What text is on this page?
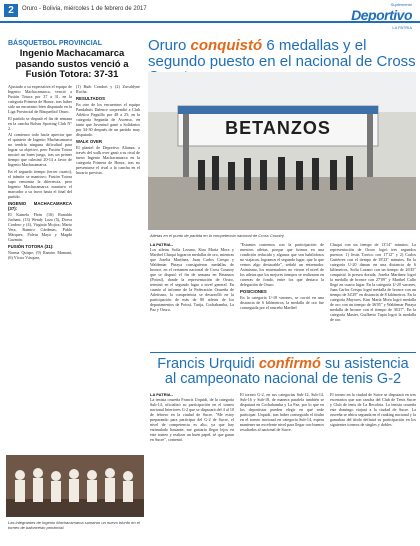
2	Oruro - Bolivia, miércoles 1 de febrero de 2017
Suplemento
Deportivo
LA PATRIA
BÁSQUETBOL PROVINCIAL
Ingenio Machacamarca pasando sustos venció a Fusión Totora: 37-31

Ajustado a su expectativa el equipo de Ingenio Machacamarca, venció a Fusión Totora por 37 a 31, en la categoría Primera de Honor, tras haber sido un encuentro bien disputado en la Liga Provincial de Básquetbol Oruro.

El partido se disputó el fin de semana en la cancha Bolsas Sporting Club N° 2.

Al comienzo todo hacía apreciar que el quinteto de Ingenio Machacamarca no tendría ninguna dificultad para lograr su objetivo, pero Fusión Totora mostró un buen juego, tras un primer tiempo que culminó 20-14 a favor de Ingenio Machacamarca.

En el segundo tiempo (tercer cuarto), el trámite se mantuvo; Fusión Totora supo remontar la diferencia, pero Ingenio Machacamarca mantuvo el marcador a su favor hasta el final del partido.

INGENIO MACHACAMARCA (37):

El Kamela Flein (16) Ronaldo Juchani, (13) Wendy Loza (5), Dorva Cordero y (4), Virginia Mojica; Mario Vera, Ramiro Cárdenas, Pablo Márquez, Poleta Maya y Magda Guzmán.

FUSIÓN TOTORA (31):

Norma Quispe, (9) Ramiro Mamani, (6) Víctor Vásquez,

(1) Ruth Condori y (2) Zuvaldyne Rocha.

RESULTADOS

En otro de los encuentros el equipo Pandahuis Dalence sorprendió a Club Atlético Paguillo por 48 a 25; en la categoría Segunda de Ascenso, en tanto que Juventud ganó a Solidarios por 34-30 después de un partido muy disputado.

WALK OVER

El plantel de Deportivo Alianza, a través del walk over ganó a su rival de turno Ingenio Machacamarca en la categoría Primera de Honor, tras no presentarse el rival a la cancha en el horario previsto.

Las integrantes de Ingenio Machacamarca sumaron un nuevo triunfo en el torneo de baloncesto provincial.
Oruro conquistó 6 medallas y el segundo puesto en el nacional de Cross
BETANZOS
Atletas en el punto de partida en la competencia nacional de Cross Country
LA PATRIA.-

Los atletas Sofía Lezano, Kim María Mora y Maribel Chaqui lograron medallas de oro, mientras que Joselia Martínez, Juan Carlos Crespo y Waldemar Pinaya consiguieron medallas de bronce, en el certamen nacional de Cross Country que se disputó el fin de semana en Betanzos (Potosí), donde la representación de Oruro, terminó en el segundo lugar a nivel general. En cuanto al informe de la Federación Orureña de Atletismo, la competencia se desarrolló en la participación de más de 80 atletas de los departamentos de Potosí, Tarija, Cochabamba, La Paz y Oruro.

"Estamos contentos con la participación de nuestros atletas, porque que fuimos en una condición reducida y algunos que son habilidosos no viajaron, logramos el segundo lugar, que lo que vemos algo destacable", señaló un entrenador. Asimismo, los entrenadores no vieron el nivel de los atletas que los mejores tiempos se realizaron en carreras de fondo, entre los que destaca la delegación de Oruro.

POSICIONES

En la categoría U-18 varones, se corrió en una distancia de 6 kilómetros, la medalla de oro fue conseguida por el orureño Maribel

Chaqui con un tiempo de 13'14" minutos. La representación de Oruro logró tres segundos puestos: 1) Jesús Torrico con 17'12" y 2) Carlos Gutiérrez con el tiempo de 18'23" minutos. En la categoría U-20 damas en una distancia de 6 kilómetros, Sofía Lozano con un tiempo de 26'45" conquistó la presea dorada, Joselia Martínez logró la medalla de bronce con 27'09" y Maribel Callo llegó en cuarto lugar. En la categoría U-20 varones, Juan Carlos Crespo logró medalla de bronce con un tiempo de 34'29" en distancia de 8 kilómetros. En la categoría Mayores, Kim María Mora logró medalla de oro con un tiempo de 36'05" y Waldemar Pinaya medalla de bronce con el tiempo de 36'27". En la categoría Master, Guilberto Tapia logró la medalla de oro.

Francis Urquidi confirmó su asistencia al campeonato nacional de tenis G-2
LA PATRIA.-

La tenista orureña Francis Urquidi, de la categoría Sub-14, oficializó su participación en el torneo nacional Interiores G-2 que se disputará del 4 al 10 de febrero en la ciudad de Sucre. "Me estoy preparando para participar del G-2 de Sucre, el nivel de competencia es alto, ya que hay estimulado bastante, me gustaría llegar lejos en este torneo y realizar un buen papel, sé que ganar en Sucre", comentó.

El torneo G-2, en sus categorías Sub-12, Sub-14, Sub-16 y Sub-18, de manera paralela también se disputará en Cochabamba y La Paz, por lo que en los deportistas pueden elegir en qué sede participar. Urquidi, tras haber conseguido el titular en el torneo nacional en categoría Sub-14, espera mantener un excelente nivel para llegar con buenos resultados al nacional de Sucre.

El torneo en la ciudad de Sucre se disputará en tres escenarios que son cancha del Club de Tenis Sucre y Club de tenis de La Recoleta. La tenista orureña este domingo viajará a la ciudad de Sucre. La orureña se ubica segunda en el ranking nacional y la ganadora del título definirá su participación en los siguientes torneos de singles y dobles.
